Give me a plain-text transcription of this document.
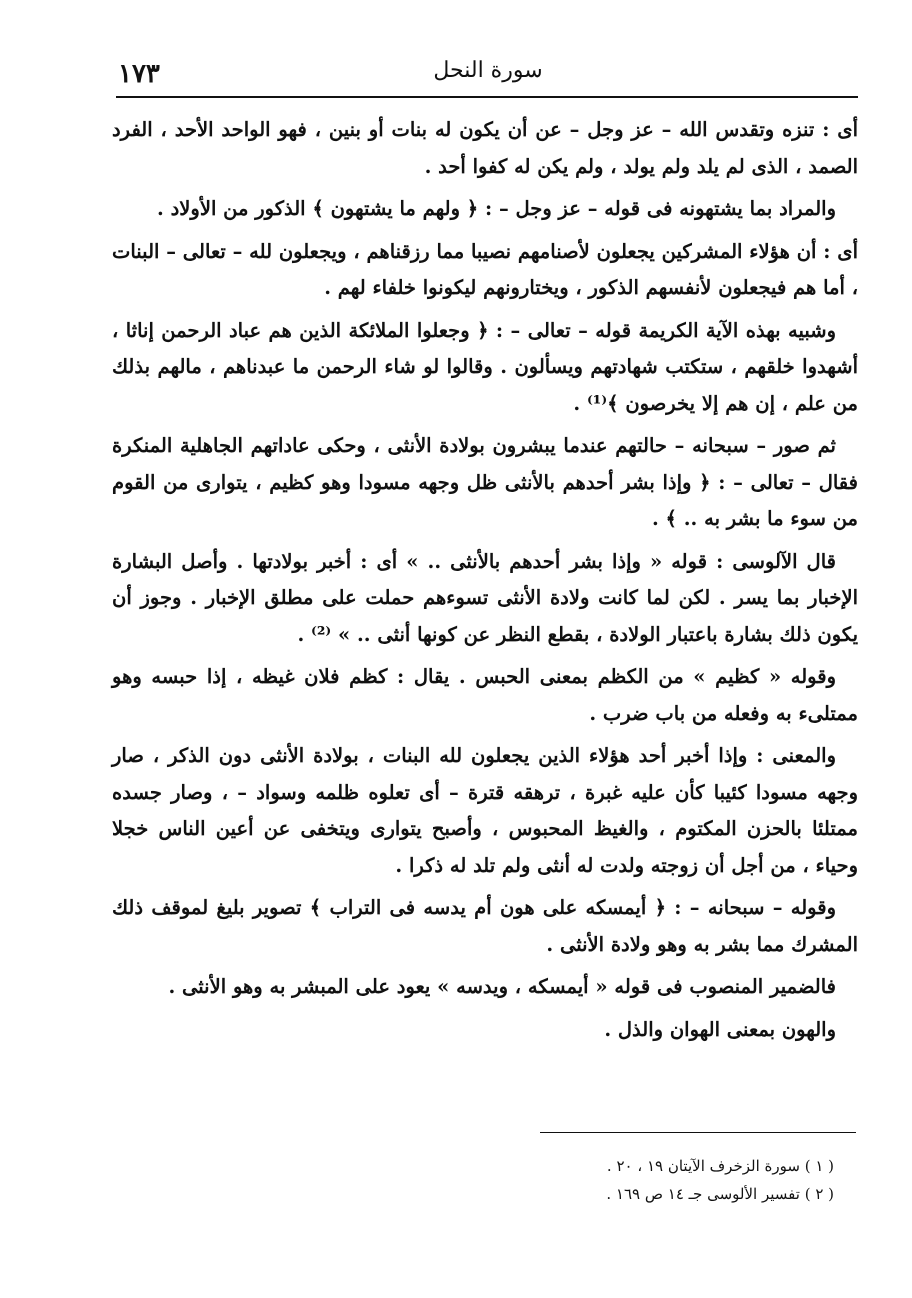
١٧٣	سورة النحل

أى : تنزه وتقدس الله – عز وجل – عن أن يكون له بنات أو بنين ، فهو الواحد الأحد ، الفرد الصمد ، الذى لم يلد ولم يولد ، ولم يكن له كفوا أحد .

والمراد بما يشتهونه فى قوله – عز وجل – : ﴿ ولهم ما يشتهون ﴾ الذكور من الأولاد .

أى : أن هؤلاء المشركين يجعلون لأصنامهم نصيبا مما رزقناهم ، ويجعلون لله – تعالى – البنات ، أما هم فيجعلون لأنفسهم الذكور ، ويختارونهم ليكونوا خلفاء لهم .

وشبيه بهذه الآية الكريمة قوله – تعالى – : ﴿ وجعلوا الملائكة الذين هم عباد الرحمن إناثا ، أشهدوا خلقهم ، ستكتب شهادتهم ويسألون . وقالوا لو شاء الرحمن ما عبدناهم ، مالهم بذلك من علم ، إن هم إلا يخرصون ﴾⁽¹⁾ .

ثم صور – سبحانه – حالتهم عندما يبشرون بولادة الأنثى ، وحكى عاداتهم الجاهلية المنكرة فقال – تعالى – : ﴿ وإذا بشر أحدهم بالأنثى ظل وجهه مسودا وهو كظيم ، يتوارى من القوم من سوء ما بشر به .. ﴾ .

قال الآلوسى : قوله « وإذا بشر أحدهم بالأنثى .. » أى : أخبر بولادتها . وأصل البشارة الإخبار بما يسر . لكن لما كانت ولادة الأنثى تسوءهم حملت على مطلق الإخبار . وجوز أن يكون ذلك بشارة باعتبار الولادة ، بقطع النظر عن كونها أنثى .. » ⁽²⁾ .

وقوله « كظيم » من الكظم بمعنى الحبس . يقال : كظم فلان غيظه ، إذا حبسه وهو ممتلىء به وفعله من باب ضرب .

والمعنى : وإذا أخبر أحد هؤلاء الذين يجعلون لله البنات ، بولادة الأنثى دون الذكر ، صار وجهه مسودا كئيبا كأن عليه غبرة ، ترهقه قترة – أى تعلوه ظلمه وسواد – ، وصار جسده ممتلئا بالحزن المكتوم ، والغيظ المحبوس ، وأصبح يتوارى ويتخفى عن أعين الناس خجلا وحياء ، من أجل أن زوجته ولدت له أنثى ولم تلد له ذكرا .

وقوله – سبحانه – : ﴿ أيمسكه على هون أم يدسه فى التراب ﴾ تصوير بليغ لموقف ذلك المشرك مما بشر به وهو ولادة الأنثى .

فالضمير المنصوب فى قوله « أيمسكه ، ويدسه » يعود على المبشر به وهو الأنثى .

والهون بمعنى الهوان والذل .

( ١ ) سورة الزخرف الآيتان ١٩ ، ٢٠ .

( ٢ ) تفسير الألوسى جـ ١٤ ص ١٦٩ .
